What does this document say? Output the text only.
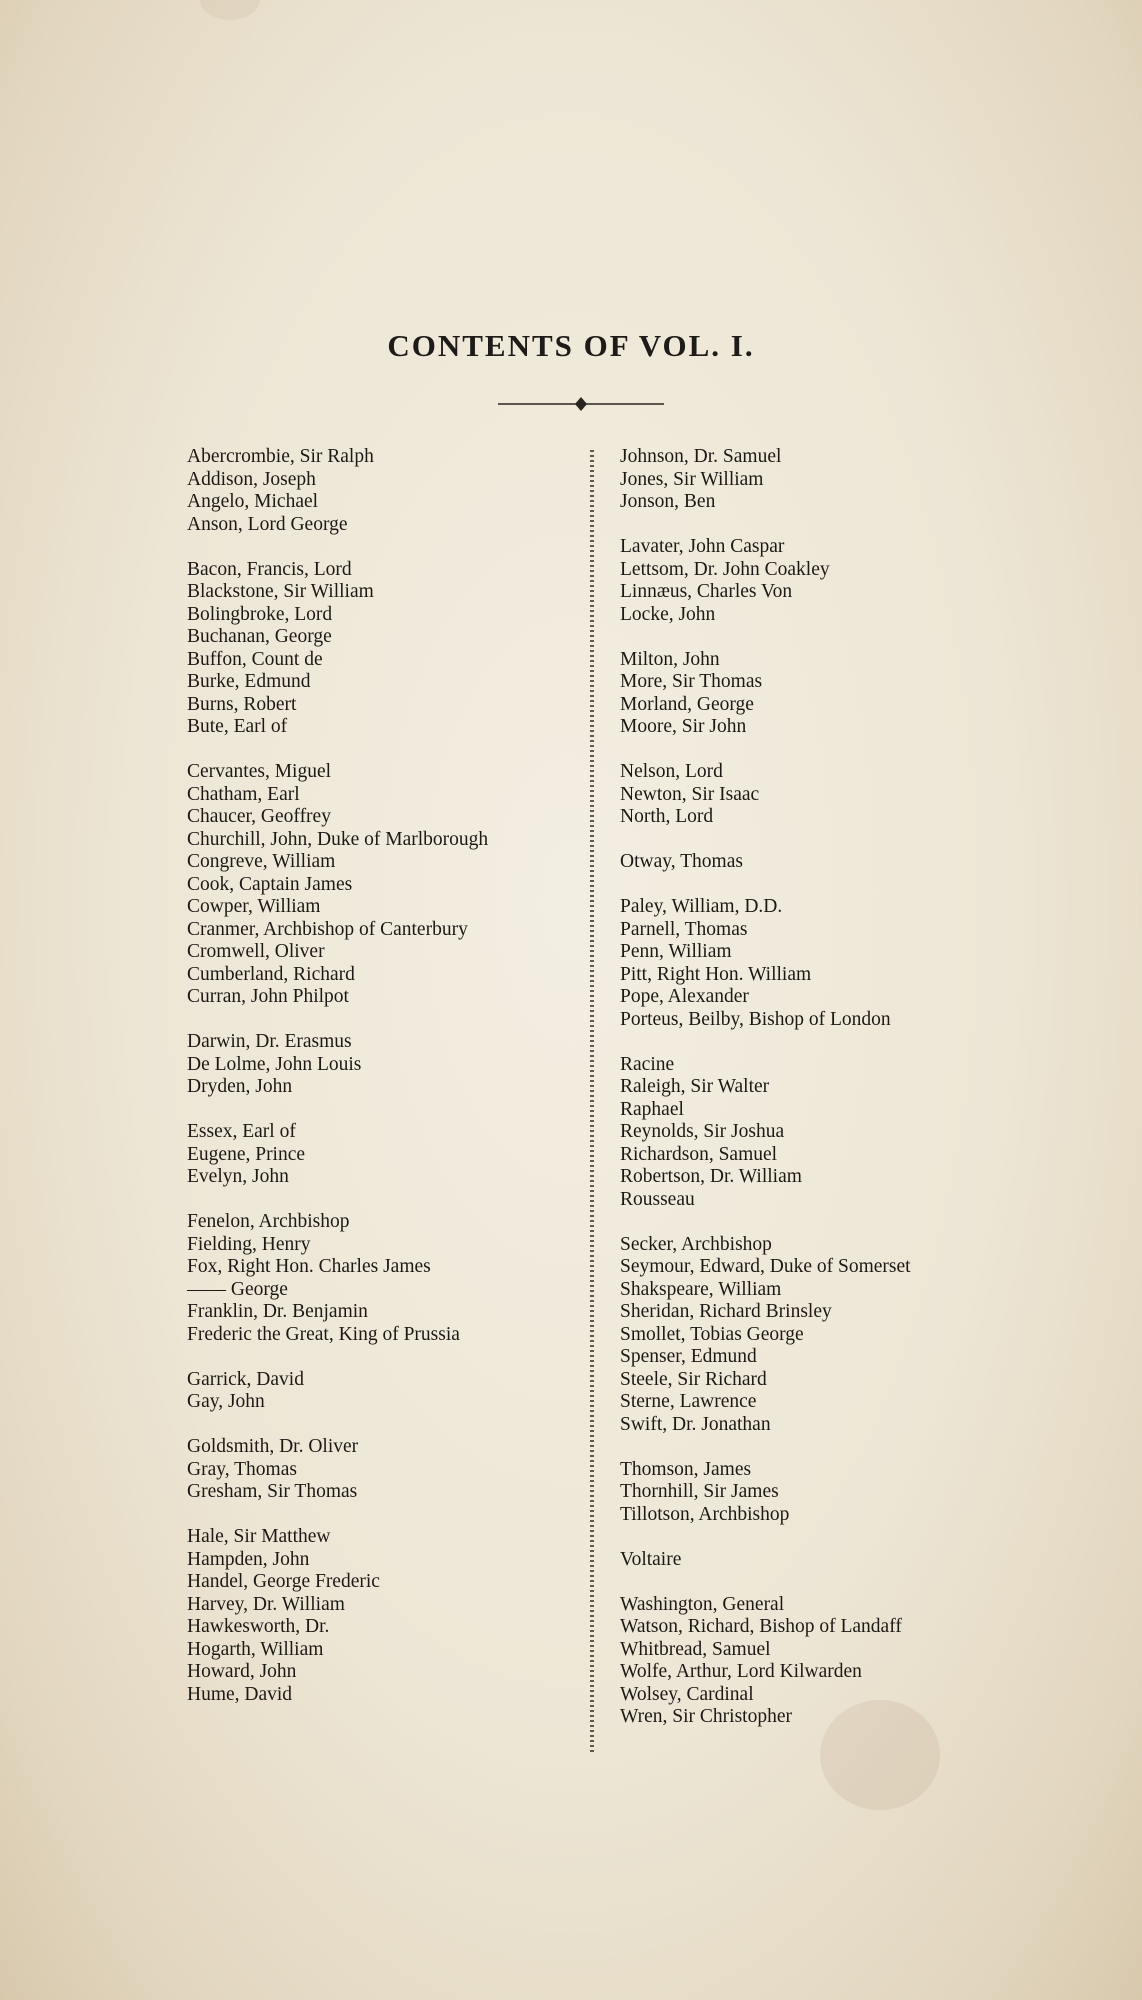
CONTENTS OF VOL. I.
Abercrombie, Sir Ralph
Addison, Joseph
Angelo, Michael
Anson, Lord George
Bacon, Francis, Lord
Blackstone, Sir William
Bolingbroke, Lord
Buchanan, George
Buffon, Count de
Burke, Edmund
Burns, Robert
Bute, Earl of
Cervantes, Miguel
Chatham, Earl
Chaucer, Geoffrey
Churchill, John, Duke of Marlborough
Congreve, William
Cook, Captain James
Cowper, William
Cranmer, Archbishop of Canterbury
Cromwell, Oliver
Cumberland, Richard
Curran, John Philpot
Darwin, Dr. Erasmus
De Lolme, John Louis
Dryden, John
Essex, Earl of
Eugene, Prince
Evelyn, John
Fenelon, Archbishop
Fielding, Henry
Fox, Right Hon. Charles James
—— George
Franklin, Dr. Benjamin
Frederic the Great, King of Prussia
Garrick, David
Gay, John
Goldsmith, Dr. Oliver
Gray, Thomas
Gresham, Sir Thomas
Hale, Sir Matthew
Hampden, John
Handel, George Frederic
Harvey, Dr. William
Hawkesworth, Dr.
Hogarth, William
Howard, John
Hume, David
Johnson, Dr. Samuel
Jones, Sir William
Jonson, Ben
Lavater, John Caspar
Lettsom, Dr. John Coakley
Linnæus, Charles Von
Locke, John
Milton, John
More, Sir Thomas
Morland, George
Moore, Sir John
Nelson, Lord
Newton, Sir Isaac
North, Lord
Otway, Thomas
Paley, William, D.D.
Parnell, Thomas
Penn, William
Pitt, Right Hon. William
Pope, Alexander
Porteus, Beilby, Bishop of London
Racine
Raleigh, Sir Walter
Raphael
Reynolds, Sir Joshua
Richardson, Samuel
Robertson, Dr. William
Rousseau
Secker, Archbishop
Seymour, Edward, Duke of Somerset
Shakspeare, William
Sheridan, Richard Brinsley
Smollet, Tobias George
Spenser, Edmund
Steele, Sir Richard
Sterne, Lawrence
Swift, Dr. Jonathan
Thomson, James
Thornhill, Sir James
Tillotson, Archbishop
Voltaire
Washington, General
Watson, Richard, Bishop of Landaff
Whitbread, Samuel
Wolfe, Arthur, Lord Kilwarden
Wolsey, Cardinal
Wren, Sir Christopher
